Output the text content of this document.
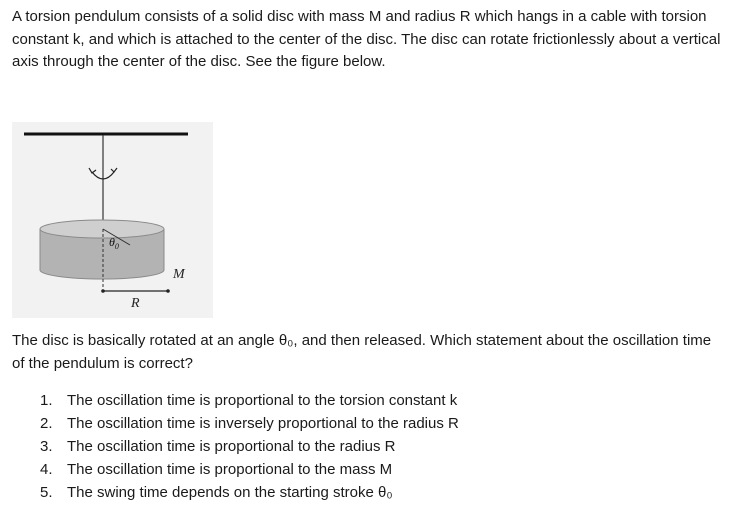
A torsion pendulum consists of a solid disc with mass M and radius R which hangs in a cable with torsion constant k, and which is attached to the center of the disc. The disc can rotate frictionlessly about a vertical axis through the center of the disc. See the figure below.

$\theta_0$
M
R

The disc is basically rotated at an angle θ₀, and then released. Which statement about the oscillation time of the pendulum is correct?

1. The oscillation time is proportional to the torsion constant k
2. The oscillation time is inversely proportional to the radius R
3. The oscillation time is proportional to the radius R
4. The oscillation time is proportional to the mass M
5. The swing time depends on the starting stroke θ₀
